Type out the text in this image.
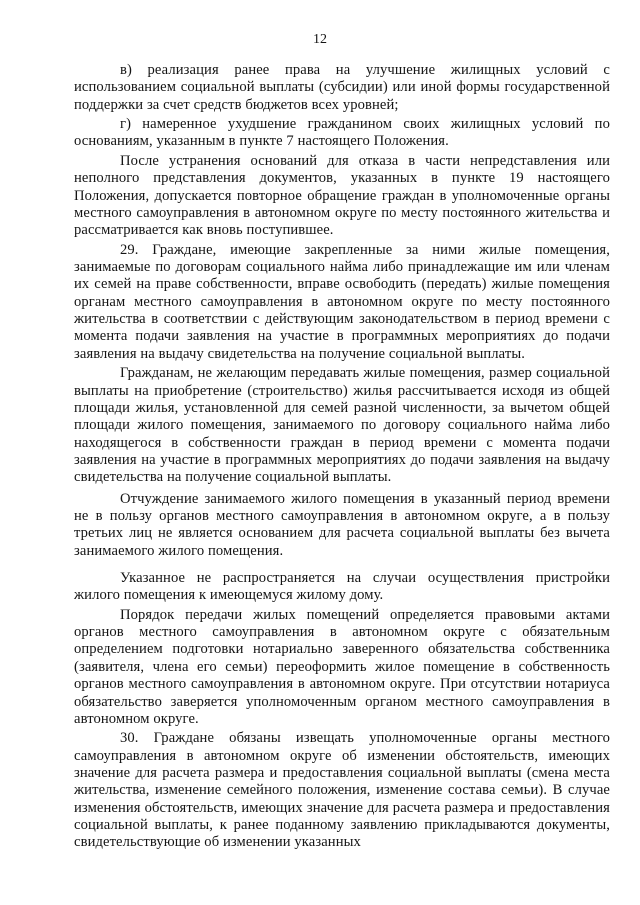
12

в) реализация ранее права на улучшение жилищных условий с использованием социальной выплаты (субсидии) или иной формы государственной поддержки за счет средств бюджетов всех уровней;

г) намеренное ухудшение гражданином своих жилищных условий по основаниям, указанным в пункте 7 настоящего Положения.

После устранения оснований для отказа в части непредставления или неполного представления документов, указанных в пункте 19 настоящего Положения, допускается повторное обращение граждан в уполномоченные органы местного самоуправления в автономном округе по месту постоянного жительства и рассматривается как вновь поступившее.

29. Граждане, имеющие закрепленные за ними жилые помещения, занимаемые по договорам социального найма либо принадлежащие им или членам их семей на праве собственности, вправе освободить (передать) жилые помещения органам местного самоуправления в автономном округе по месту постоянного жительства в соответствии с действующим законодательством в период времени с момента подачи заявления на участие в программных мероприятиях до подачи заявления на выдачу свидетельства на получение социальной выплаты.

Гражданам, не желающим передавать жилые помещения, размер социальной выплаты на приобретение (строительство) жилья рассчитывается исходя из общей площади жилья, установленной для семей разной численности, за вычетом общей площади жилого помещения, занимаемого по договору социального найма либо находящегося в собственности граждан в период времени с момента подачи заявления на участие в программных мероприятиях до подачи заявления на выдачу свидетельства на получение социальной выплаты.

Отчуждение занимаемого жилого помещения в указанный период времени не в пользу органов местного самоуправления в автономном округе, а в пользу третьих лиц не является основанием для расчета социальной выплаты без вычета занимаемого жилого помещения.

Указанное не распространяется на случаи осуществления пристройки жилого помещения к имеющемуся жилому дому.

Порядок передачи жилых помещений определяется правовыми актами органов местного самоуправления в автономном округе с обязательным определением подготовки нотариально заверенного обязательства собственника (заявителя, члена его семьи) переоформить жилое помещение в собственность органов местного самоуправления в автономном округе. При отсутствии нотариуса обязательство заверяется уполномоченным органом местного самоуправления в автономном округе.

30. Граждане обязаны извещать уполномоченные органы местного самоуправления в автономном округе об изменении обстоятельств, имеющих значение для расчета размера и предоставления социальной выплаты (смена места жительства, изменение семейного положения, изменение состава семьи). В случае изменения обстоятельств, имеющих значение для расчета размера и предоставления социальной выплаты, к ранее поданному заявлению прикладываются документы, свидетельствующие об изменении указанных
